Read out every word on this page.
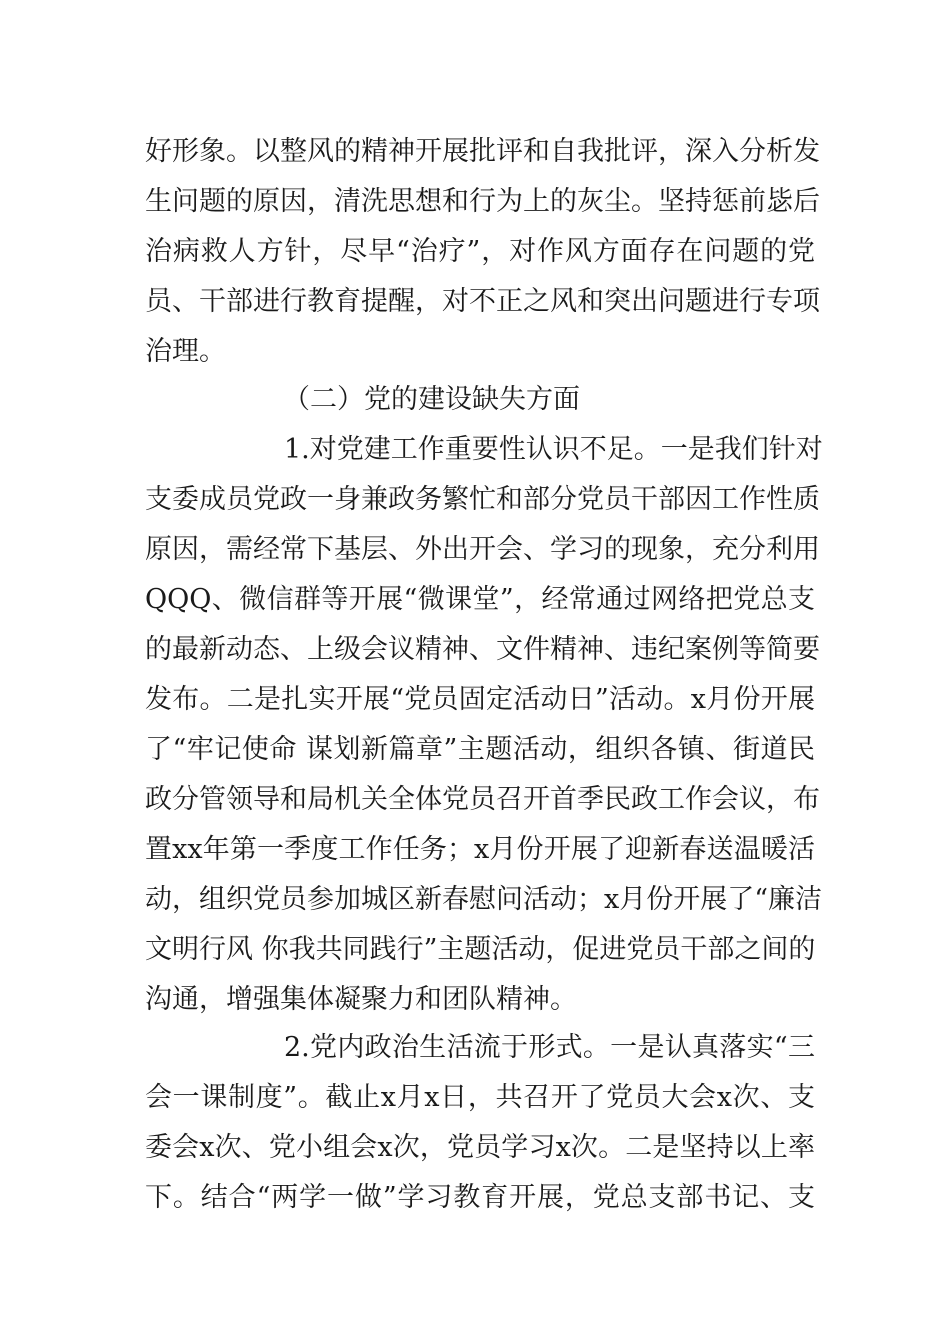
好形象。以整风的精神开展批评和自我批评，深入分析发
生问题的原因，清洗思想和行为上的灰尘。坚持惩前毖后
治病救人方针，尽早“治疗”，对作风方面存在问题的党
员、干部进行教育提醒，对不正之风和突出问题进行专项
治理。
（二）党的建设缺失方面
1.对党建工作重要性认识不足。一是我们针对
支委成员党政一身兼政务繁忙和部分党员干部因工作性质
原因，需经常下基层、外出开会、学习的现象，充分利用
QQQ、微信群等开展“微课堂”，经常通过网络把党总支
的最新动态、上级会议精神、文件精神、违纪案例等简要
发布。二是扎实开展“党员固定活动日”活动。x月份开展
了“牢记使命 谋划新篇章”主题活动，组织各镇、街道民
政分管领导和局机关全体党员召开首季民政工作会议，布
置xx年第一季度工作任务；x月份开展了迎新春送温暖活
动，组织党员参加城区新春慰问活动；x月份开展了“廉洁
文明行风 你我共同践行”主题活动，促进党员干部之间的
沟通，增强集体凝聚力和团队精神。
2.党内政治生活流于形式。一是认真落实“三
会一课制度”。截止x月x日，共召开了党员大会x次、支
委会x次、党小组会x次，党员学习x次。二是坚持以上率
下。结合“两学一做”学习教育开展，党总支部书记、支
